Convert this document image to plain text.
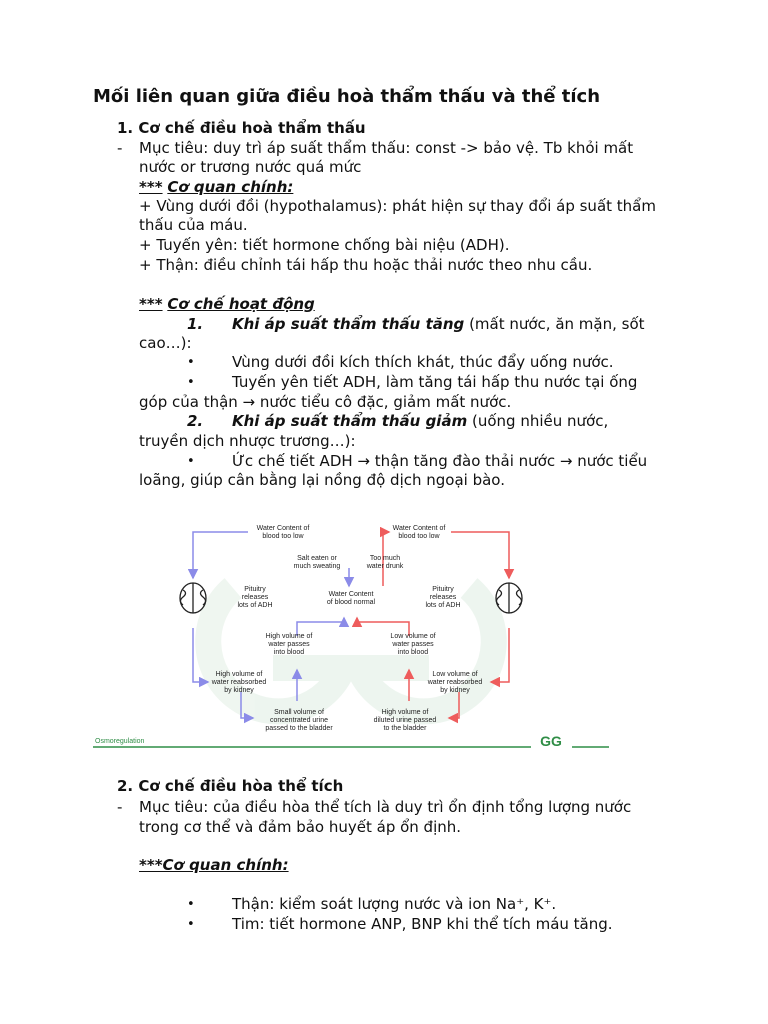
Mối liên quan giữa điều hoà thẩm thấu và thể tích
1. Cơ chế điều hoà thẩm thấu
- Mục tiêu: duy trì áp suất thẩm thấu: const -> bảo vệ. Tb khỏi mất
nước or trương nước quá mức
*** Cơ quan chính:
+ Vùng dưới đồi (hypothalamus): phát hiện sự thay đổi áp suất thẩm
thấu của máu.
+ Tuyến yên: tiết hormone chống bài niệu (ADH).
+ Thận: điều chỉnh tái hấp thu hoặc thải nước theo nhu cầu.
*** Cơ chế hoạt động
1. Khi áp suất thẩm thấu tăng (mất nước, ăn mặn, sốt
cao…):
• Vùng dưới đồi kích thích khát, thúc đẩy uống nước.
• Tuyến yên tiết ADH, làm tăng tái hấp thu nước tại ống
góp của thận → nước tiểu cô đặc, giảm mất nước.
2. Khi áp suất thẩm thấu giảm (uống nhiều nước,
truyền dịch nhược trương…):
• Ức chế tiết ADH → thận tăng đào thải nước → nước tiểu
loãng, giúp cân bằng lại nồng độ dịch ngoại bào.
Water Content of blood too low
Water Content of blood too low
Salt eaten or much sweating
Too much water drunk
Pituitry releases lots of ADH
Pituitry releases lots of ADH
Water Content of blood normal
High volume of water passes into blood
Low volume of water passes into blood
High volume of water reabsorbed by kidney
Low volume of water reabsorbed by kidney
Small volume of concentrated urine passed to the bladder
High volume of diluted urine passed to the bladder
Osmoregulation	GG
2. Cơ chế điều hòa thể tích
- Mục tiêu: của điều hòa thể tích là duy trì ổn định tổng lượng nước
trong cơ thể và đảm bảo huyết áp ổn định.
***Cơ quan chính:
• Thận: kiểm soát lượng nước và ion Na⁺, K⁺.
• Tim: tiết hormone ANP, BNP khi thể tích máu tăng.
